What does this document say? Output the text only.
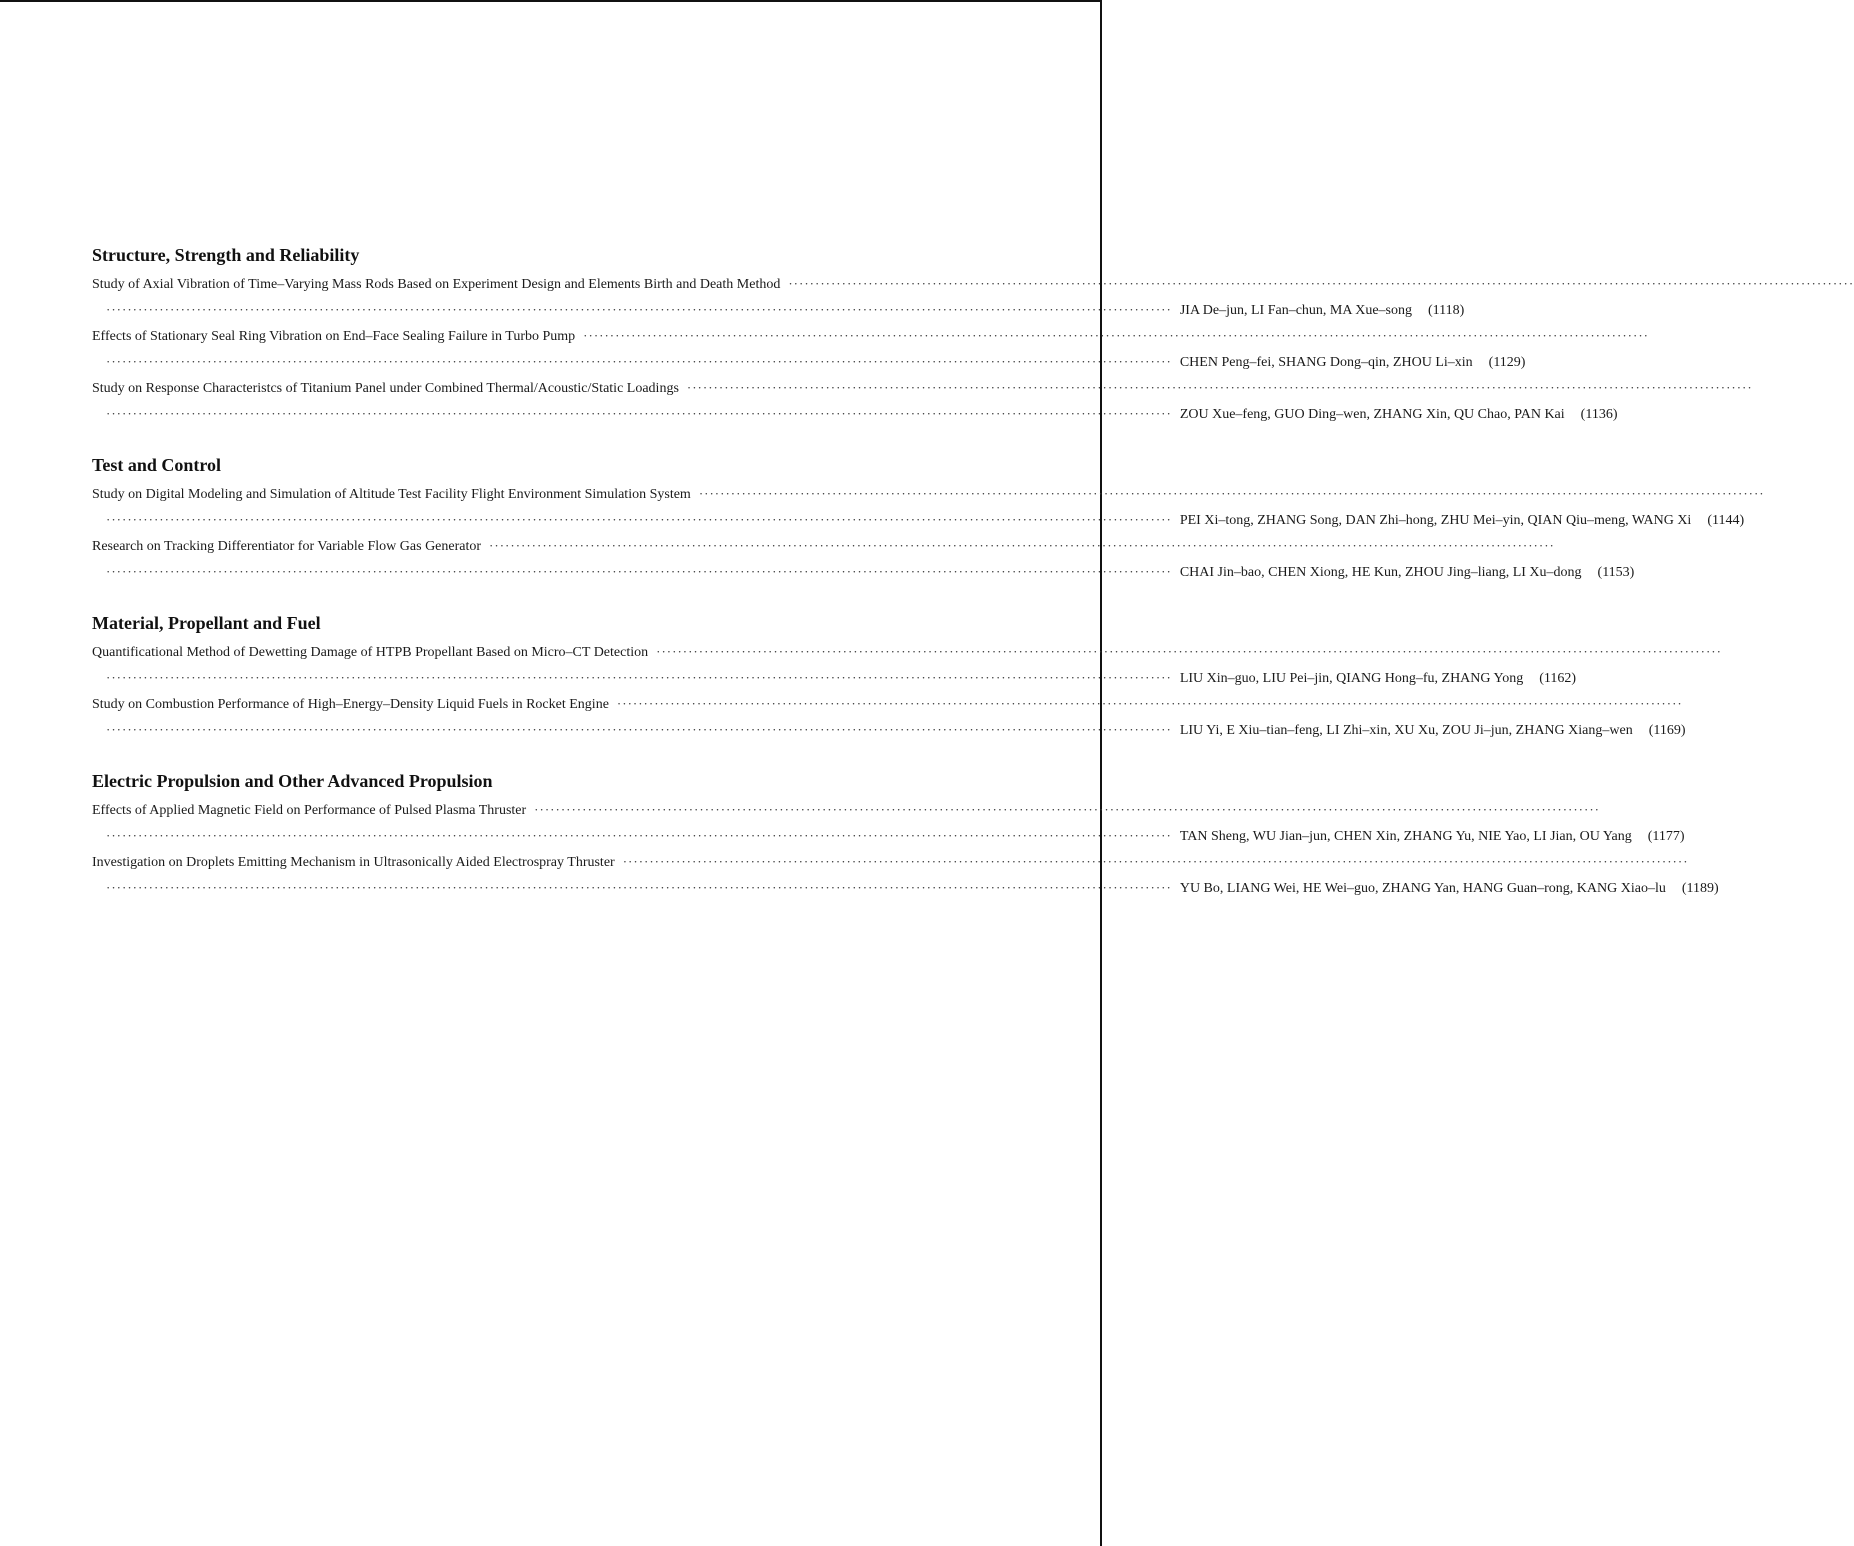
Structure, Strength and Reliability
Study of Axial Vibration of Time–Varying Mass Rods Based on Experiment Design and Elements Birth and Death Method ········································································································································································································
········································································································································································································ JIA De–jun, LI Fan–chun, MA Xue–song (1118)
Effects of Stationary Seal Ring Vibration on End–Face Sealing Failure in Turbo Pump ········································································································································································································
········································································································································································································ CHEN Peng–fei, SHANG Dong–qin, ZHOU Li–xin (1129)
Study on Response Characteristcs of Titanium Panel under Combined Thermal/Acoustic/Static Loadings ········································································································································································································
········································································································································································································ ZOU Xue–feng, GUO Ding–wen, ZHANG Xin, QU Chao, PAN Kai (1136)
Test and Control
Study on Digital Modeling and Simulation of Altitude Test Facility Flight Environment Simulation System ········································································································································································································
········································································································································································································ PEI Xi–tong, ZHANG Song, DAN Zhi–hong, ZHU Mei–yin, QIAN Qiu–meng, WANG Xi (1144)
Research on Tracking Differentiator for Variable Flow Gas Generator ········································································································································································································
········································································································································································································ CHAI Jin–bao, CHEN Xiong, HE Kun, ZHOU Jing–liang, LI Xu–dong (1153)
Material, Propellant and Fuel
Quantificational Method of Dewetting Damage of HTPB Propellant Based on Micro–CT Detection ········································································································································································································
········································································································································································································ LIU Xin–guo, LIU Pei–jin, QIANG Hong–fu, ZHANG Yong (1162)
Study on Combustion Performance of High–Energy–Density Liquid Fuels in Rocket Engine ········································································································································································································
········································································································································································································ LIU Yi, E Xiu–tian–feng, LI Zhi–xin, XU Xu, ZOU Ji–jun, ZHANG Xiang–wen (1169)
Electric Propulsion and Other Advanced Propulsion
Effects of Applied Magnetic Field on Performance of Pulsed Plasma Thruster ········································································································································································································
········································································································································································································ TAN Sheng, WU Jian–jun, CHEN Xin, ZHANG Yu, NIE Yao, LI Jian, OU Yang (1177)
Investigation on Droplets Emitting Mechanism in Ultrasonically Aided Electrospray Thruster ········································································································································································································
········································································································································································································ YU Bo, LIANG Wei, HE Wei–guo, ZHANG Yan, HANG Guan–rong, KANG Xiao–lu (1189)
